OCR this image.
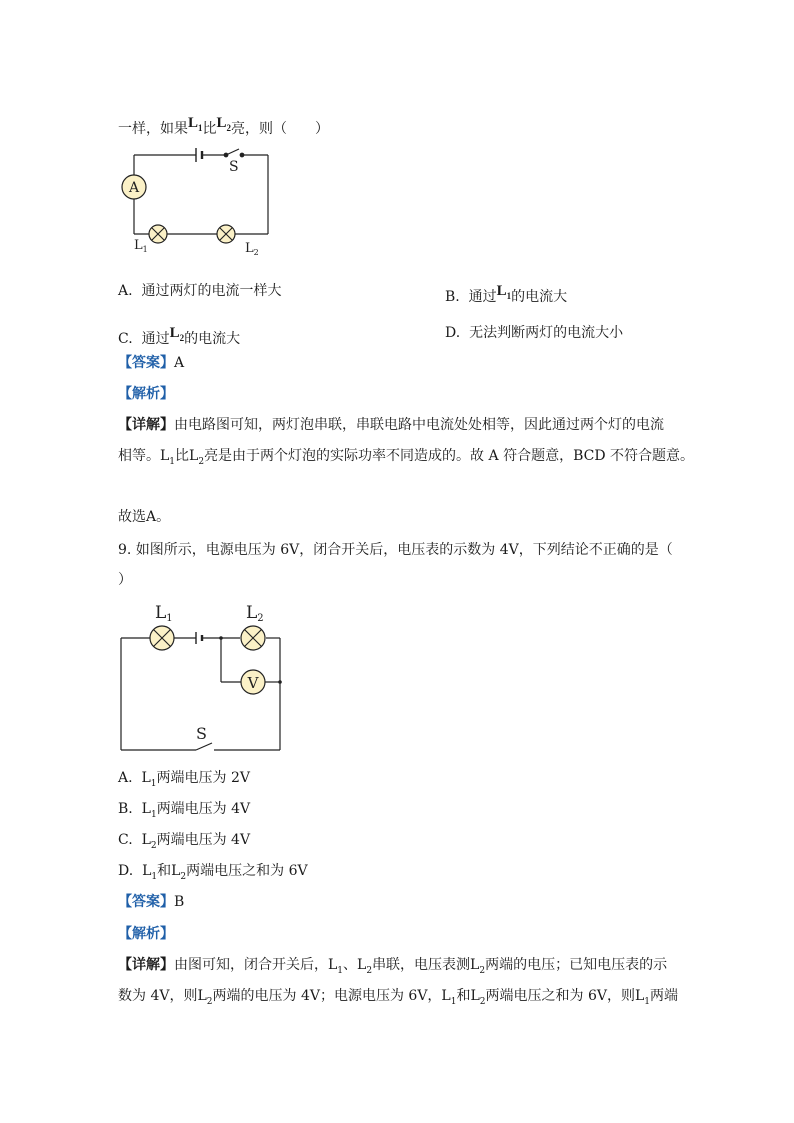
一样，如果$L_1$比$L_2$亮，则（　　）
A
S
$L_1$	$L_2$
A. 通过两灯的电流一样大	B. 通过$L_1$的电流大
C. 通过$L_2$的电流大	D. 无法判断两灯的电流大小
【答案】A
【解析】
【详解】由电路图可知，两灯泡串联，串联电路中电流处处相等，因此通过两个灯的电流
相等。$L_1$比$L_2$亮是由于两个灯泡的实际功率不同造成的。故 A 符合题意，BCD 不符合题意。
故选A。
9. 如图所示，电源电压为 6V，闭合开关后，电压表的示数为 4V，下列结论不正确的是（
）
V
L1	L2
S
A. $L_1$两端电压为 2V
B. $L_1$两端电压为 4V
C. $L_2$两端电压为 4V
D. $L_1$和$L_2$两端电压之和为 6V
【答案】B
【解析】
【详解】由图可知，闭合开关后，$L_1$、$L_2$串联，电压表测$L_2$两端的电压；已知电压表的示
数为 4V，则$L_2$两端的电压为 4V；电源电压为 6V，$L_1$和$L_2$两端电压之和为 6V，则$L_1$两端
